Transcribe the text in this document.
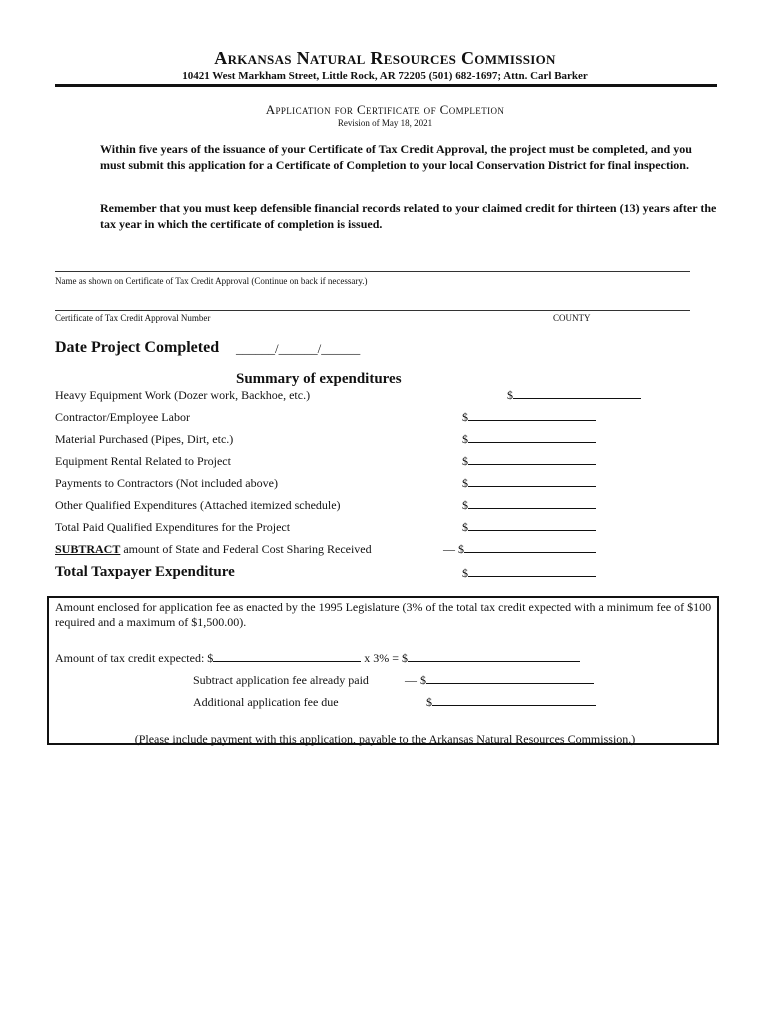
Arkansas Natural Resources Commission
10421 West Markham Street, Little Rock, AR 72205 (501) 682-1697; Attn. Carl Barker
Application for Certificate of Completion
Revision of May 18, 2021
Within five years of the issuance of your Certificate of Tax Credit Approval, the project must be completed, and you must submit this application for a Certificate of Completion to your local Conservation District for final inspection.
Remember that you must keep defensible financial records related to your claimed credit for thirteen (13) years after the tax year in which the certificate of completion is issued.
Name as shown on Certificate of Tax Credit Approval (Continue on back if necessary.)
Certificate of Tax Credit Approval Number	COUNTY
Date Project Completed ______/______/______
Summary of expenditures
Heavy Equipment Work (Dozer work, Backhoe, etc.)	$
Contractor/Employee Labor	$
Material Purchased (Pipes, Dirt, etc.)	$
Equipment Rental Related to Project	$
Payments to Contractors (Not included above)	$
Other Qualified Expenditures (Attached itemized schedule)	$
Total Paid Qualified Expenditures for the Project	$
SUBTRACT amount of State and Federal Cost Sharing Received	— $
Total Taxpayer Expenditure	$
Amount enclosed for application fee as enacted by the 1995 Legislature (3% of the total tax credit expected with a minimum fee of $100 required and a maximum of $1,500.00).
Amount of tax credit expected: $	x 3% = $
Subtract application fee already paid	— $
Additional application fee due	$
(Please include payment with this application, payable to the Arkansas Natural Resources Commission.)
